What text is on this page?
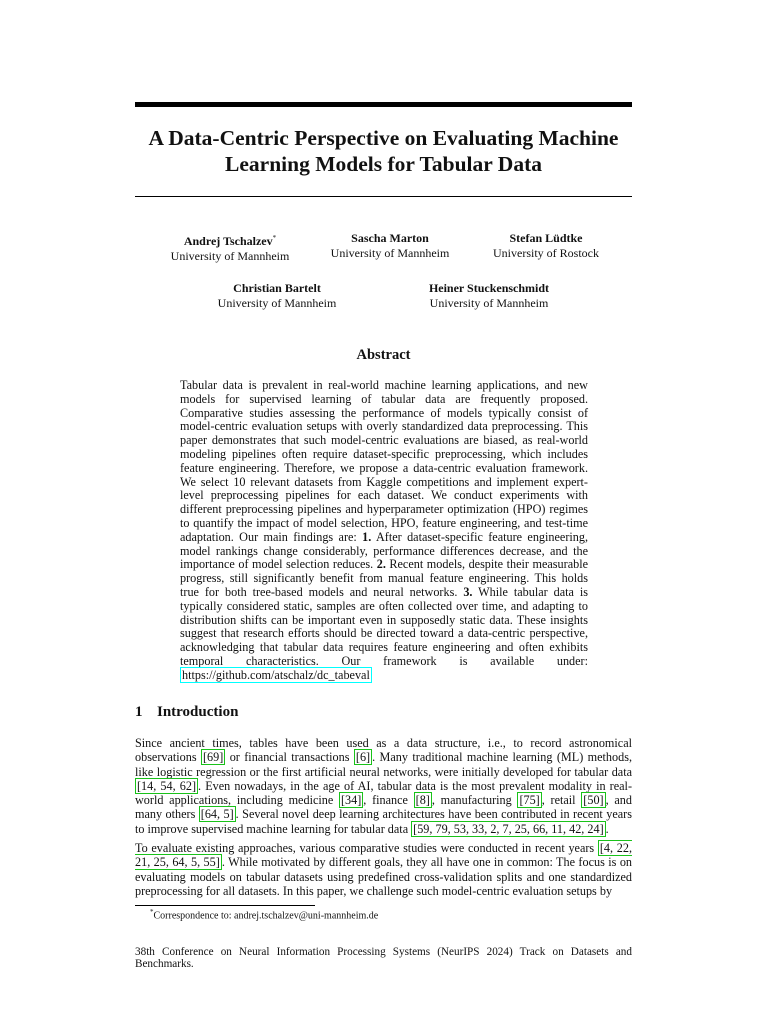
A Data-Centric Perspective on Evaluating Machine Learning Models for Tabular Data
Andrej Tschalzev*
University of Mannheim
Sascha Marton
University of Mannheim
Stefan Lüdtke
University of Rostock
Christian Bartelt
University of Mannheim
Heiner Stuckenschmidt
University of Mannheim
Abstract
Tabular data is prevalent in real-world machine learning applications, and new models for supervised learning of tabular data are frequently proposed. Comparative studies assessing the performance of models typically consist of model-centric evaluation setups with overly standardized data preprocessing. This paper demonstrates that such model-centric evaluations are biased, as real-world modeling pipelines often require dataset-specific preprocessing, which includes feature engineering. Therefore, we propose a data-centric evaluation framework. We select 10 relevant datasets from Kaggle competitions and implement expert-level preprocessing pipelines for each dataset. We conduct experiments with different preprocessing pipelines and hyperparameter optimization (HPO) regimes to quantify the impact of model selection, HPO, feature engineering, and test-time adaptation. Our main findings are: 1. After dataset-specific feature engineering, model rankings change considerably, performance differences decrease, and the importance of model selection reduces. 2. Recent models, despite their measurable progress, still significantly benefit from manual feature engineering. This holds true for both tree-based models and neural networks. 3. While tabular data is typically considered static, samples are often collected over time, and adapting to distribution shifts can be important even in supposedly static data. These insights suggest that research efforts should be directed toward a data-centric perspective, acknowledging that tabular data requires feature engineering and often exhibits temporal characteristics. Our framework is available under: https://github.com/atschalz/dc_tabeval
1 Introduction
Since ancient times, tables have been used as a data structure, i.e., to record astronomical observations [69] or financial transactions [6] . Many traditional machine learning (ML) methods, like logistic regression or the first artificial neural networks, were initially developed for tabular data [14, 54, 62] . Even nowadays, in the age of AI, tabular data is the most prevalent modality in real-world applications, including medicine [34] , finance [8] , manufacturing [75] , retail [50] , and many others [64, 5] . Several novel deep learning architectures have been contributed in recent years to improve supervised machine learning for tabular data [59, 79, 53, 33, 2, 7, 25, 66, 11, 42, 24] .
To evaluate existing approaches, various comparative studies were conducted in recent years [4, 22, 21, 25, 64, 5, 55] . While motivated by different goals, they all have one in common: The focus is on evaluating models on tabular datasets using predefined cross-validation splits and one standardized preprocessing for all datasets. In this paper, we challenge such model-centric evaluation setups by
*Correspondence to: andrej.tschalzev@uni-mannheim.de
38th Conference on Neural Information Processing Systems (NeurIPS 2024) Track on Datasets and Benchmarks.
